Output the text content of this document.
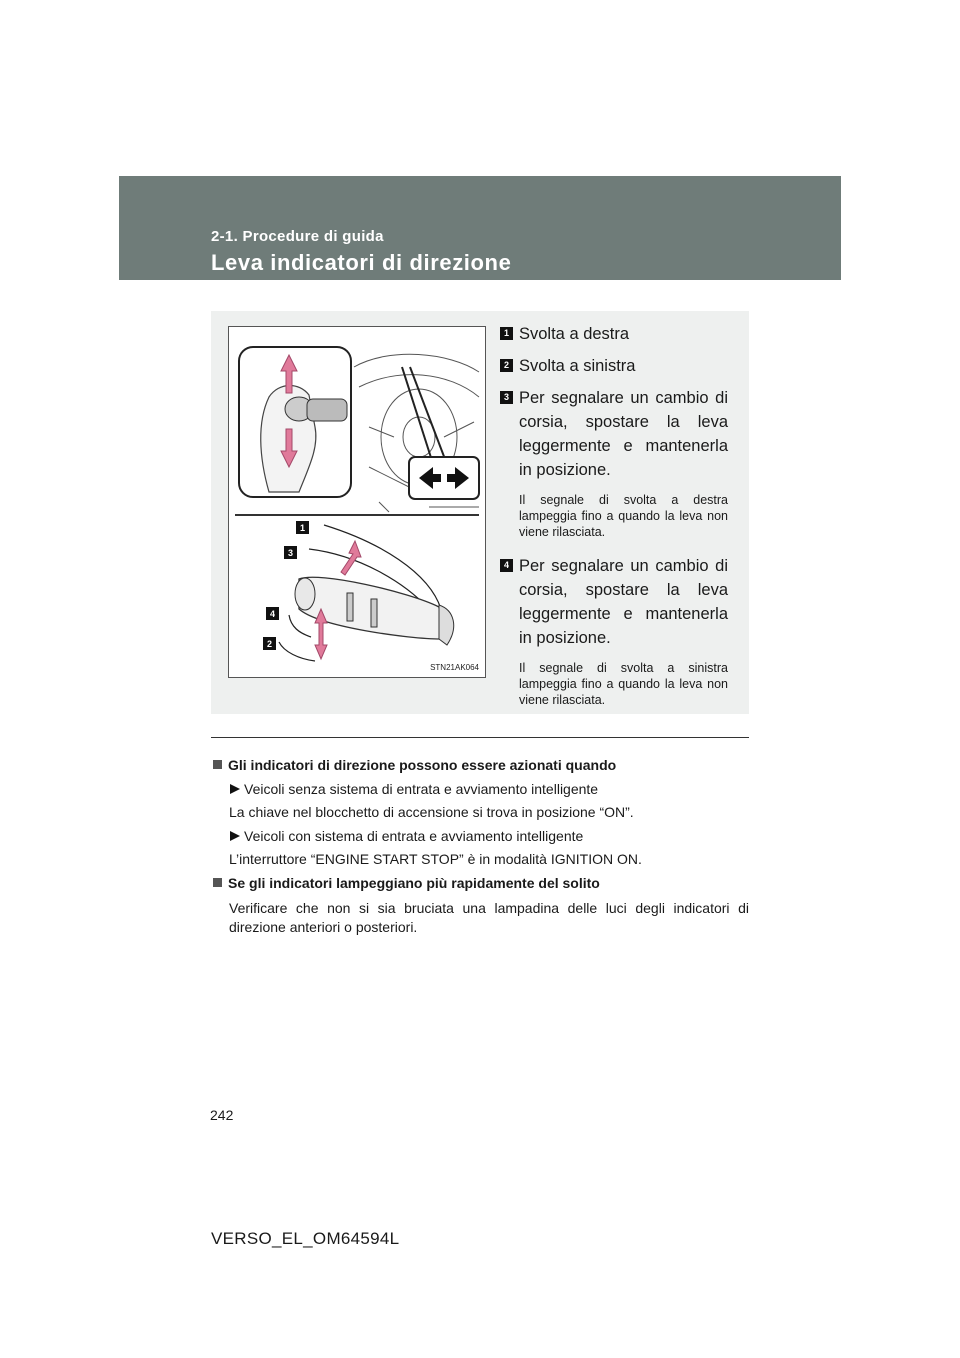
2-1. Procedure di guida
Leva indicatori di direzione
1
3
4
2
STN21AK064
1 Svolta a destra
2 Svolta a sinistra
3 Per segnalare un cambio di corsia, spostare la leva leggermente e mantenerla in posizione.
Il segnale di svolta a destra lampeggia fino a quando la leva non viene rilasciata.
4 Per segnalare un cambio di corsia, spostare la leva leggermente e mantenerla in posizione.
Il segnale di svolta a sinistra lampeggia fino a quando la leva non viene rilasciata.
Gli indicatori di direzione possono essere azionati quando
Veicoli senza sistema di entrata e avviamento intelligente
La chiave nel blocchetto di accensione si trova in posizione “ON”.
Veicoli con sistema di entrata e avviamento intelligente
L’interruttore “ENGINE START STOP” è in modalità IGNITION ON.
Se gli indicatori lampeggiano più rapidamente del solito
Verificare che non si sia bruciata una lampadina delle luci degli indicatori di direzione anteriori o posteriori.
242
VERSO_EL_OM64594L
